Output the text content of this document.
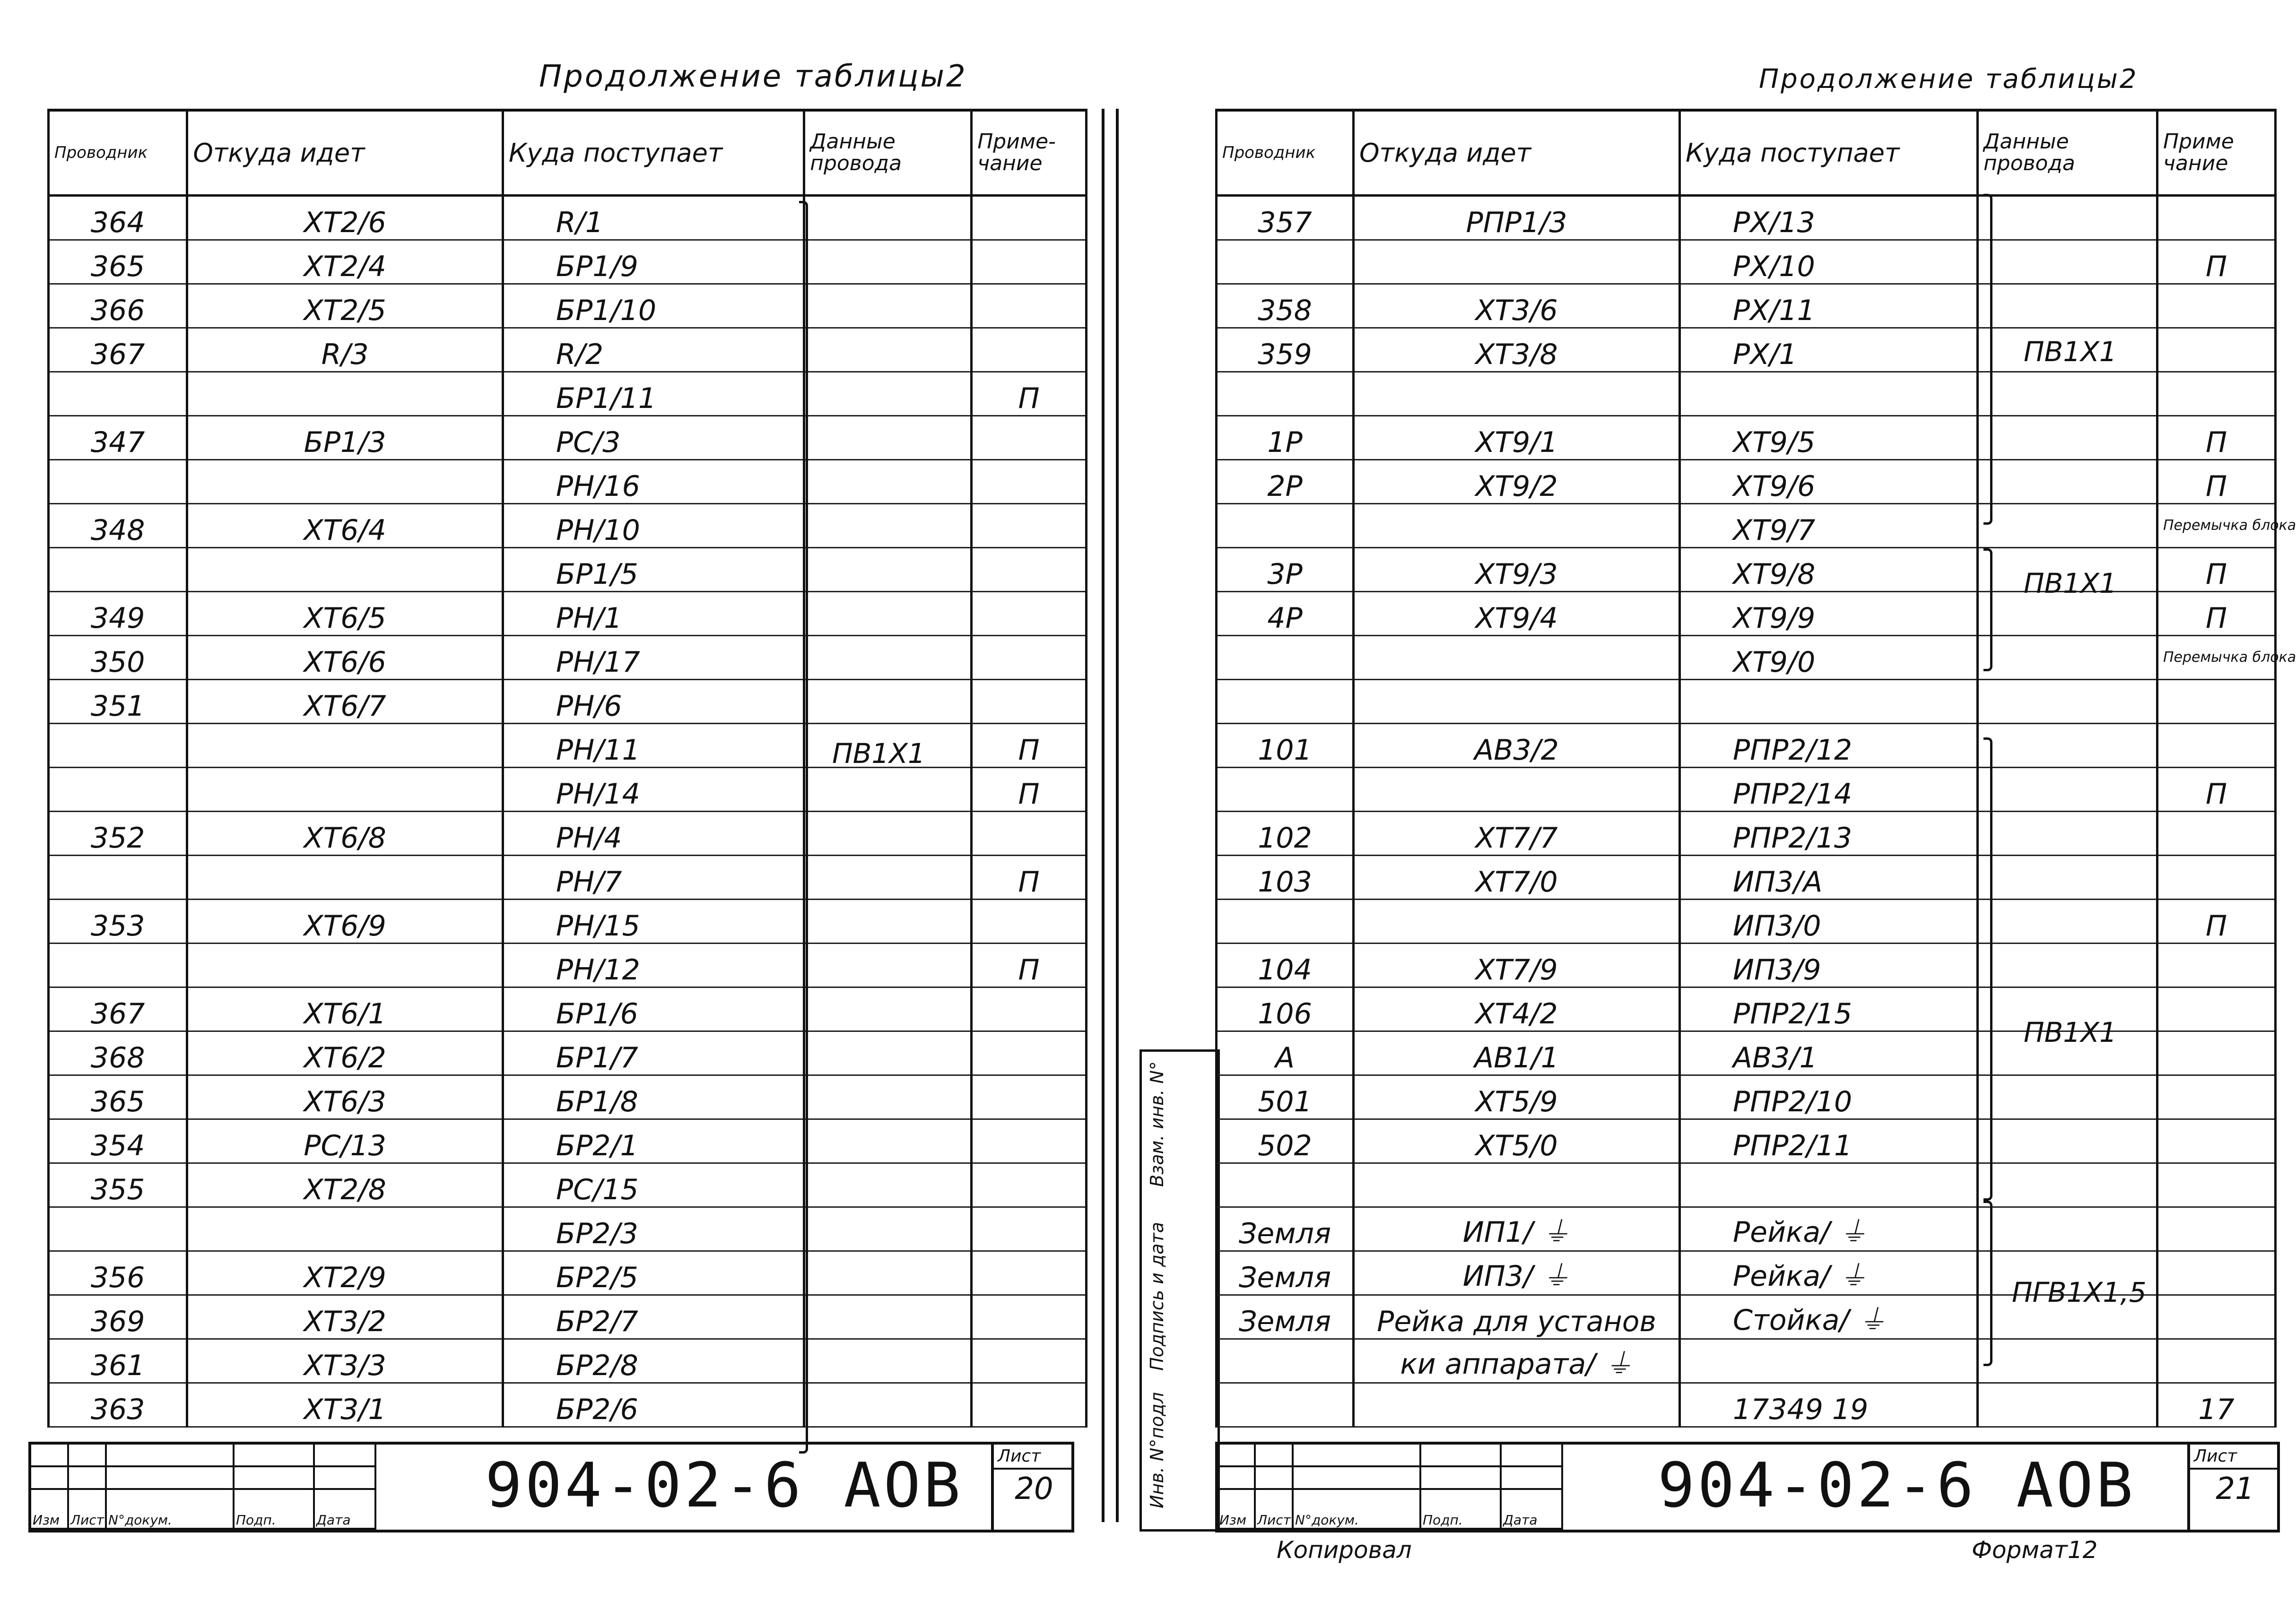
Продолжение таблицы2
Проводник	Откуда идет	Куда поступает	Данные провода	Приме-чание
364	XT2/6	R/1		
365	XT2/4	БР1/9		
366	XT2/5	БР1/10		
367	R/3	R/2		
		БР1/11		П
347	БР1/3	РС/3		
		РН/16		
348	XT6/4	РН/10		
		БР1/5		
349	XT6/5	РН/1		
350	XT6/6	РН/17		
351	XT6/7	РН/6		
		РН/11		П
		РН/14		П
352	XT6/8	РН/4		
		РН/7		П
353	XT6/9	РН/15		
		РН/12		П
367	XT6/1	БР1/6		
368	XT6/2	БР1/7		
365	XT6/3	БР1/8		
354	РС/13	БР2/1		
355	XT2/8	РС/15		
		БР2/3		
356	XT2/9	БР2/5		
369	XT3/2	БР2/7		
361	XT3/3	БР2/8		
363	XT3/1	БР2/6		
ПВ1Х1
Изм Лист N°докум.	Подп.	Дата	904-02-6 АОВ Лист
20
Продолжение таблицы2
Взам. инв. N°
Подпись и дата
Инв. N°подл
Проводник	Откуда идет	Куда поступает	Данные провода	Приме чание
357	РПР1/3	РХ/13		
		РХ/10		П
358	XT3/6	РХ/11		
359	XT3/8	РХ/1		

1Р	XT9/1	XT9/5		П
2Р	XT9/2	XT9/6		П
		XT9/7		Перемычка блока
3Р	XT9/3	XT9/8		П
4Р	XT9/4	XT9/9		П
		XT9/0		Перемычка блока

101	АВ3/2	РПР2/12		
		РПР2/14		П
102	XT7/7	РПР2/13		
103	XT7/0	ИП3/А		
		ИП3/0		П
104	XT7/9	ИП3/9		
106	XT4/2	РПР2/15		
А	АВ1/1	АВ3/1		
501	XT5/9	РПР2/10		
502	XT5/0	РПР2/11		

Земля	ИП1/ ⏚	Рейка/ ⏚		
Земля	ИП3/ ⏚	Рейка/ ⏚		
Земля	Рейка для установ	Стойка/ ⏚		
	ки аппарата/ ⏚			
		17349 19		17
ПВ1Х1
ПВ1Х1
ПВ1Х1
ПГВ1Х1,5
Изм Лист N°докум.	Подп.	Дата	904-02-6 АОВ	Лист
21
Копировал	Формат12
